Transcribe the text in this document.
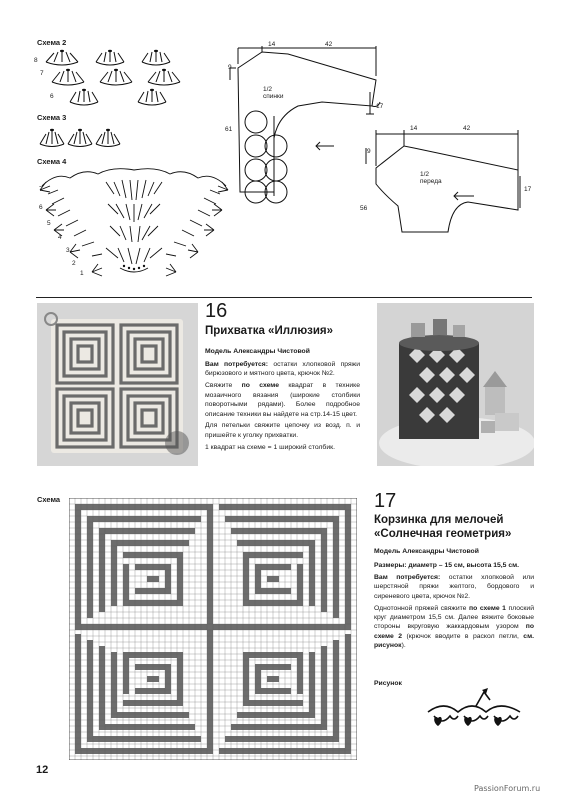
Схема 2
8
7
6
Схема 3
Схема 4
7
6
5
4
3
2
1
14	42
9
17
61
1/2
спинки
14	42
9
17
56
1/2
переда
16
Прихватка «Иллюзия»
Модель Александры Чистовой

Вам потребуется: остатки хлопковой пряжи бирюзового и мятного цвета, крючок №2.

Свяжите по схеме квадрат в технике мозаичного вязания (широкие столбики поворотными рядами). Более подробное описание техники вы найдете на стр.14-15 цвет.

Для петельки свяжите цепочку из возд. п. и пришейте к уголку прихватки.

1 квадрат на схеме = 1 широкий столбик.

Схема	17
Корзинка для мелочей
«Солнечная геометрия»
Модель Александры Чистовой

Размеры: диаметр – 15 см, высота 15,5 см.

Вам потребуется: остатки хлопковой или шерстяной пряжи желтого, бордового и сиреневого цвета, крючок №2.

Однотонной пряжей свяжите по схеме 1 плоский круг диаметром 15,5 см. Далее вяжите боковые стороны вкруговую жаккардовым узором по схеме 2 (крючок вводите в раскол петли, см. рисунок).

Рисунок
12
PassionForum.ru
